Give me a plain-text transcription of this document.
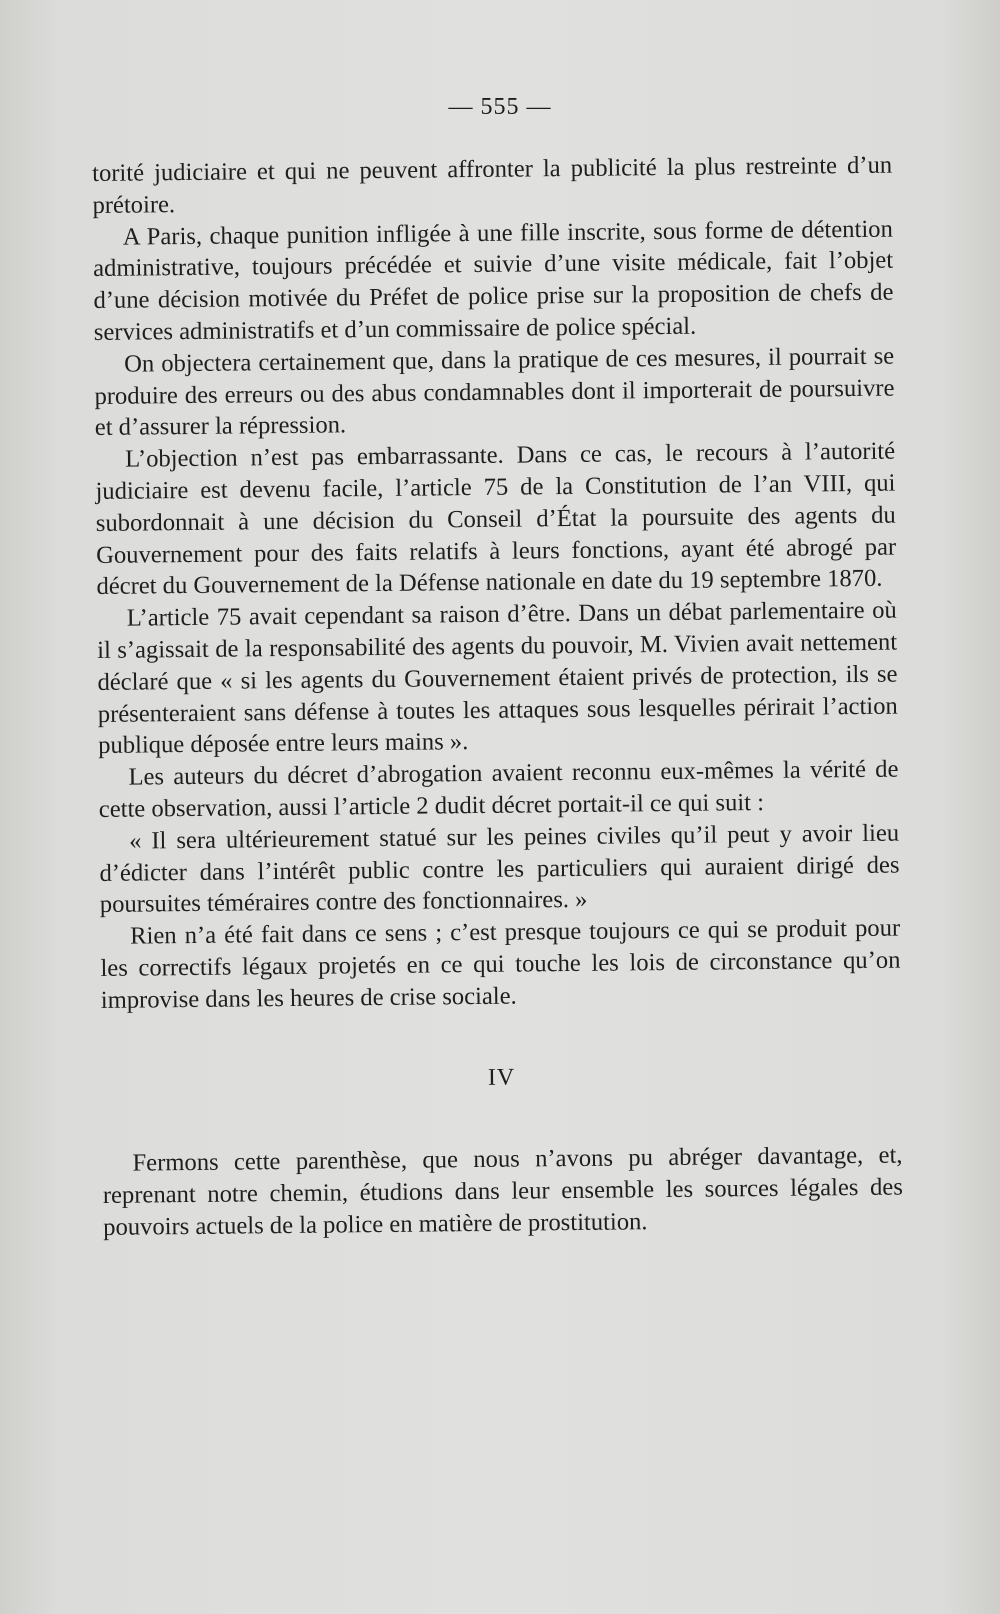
— 555 —

torité judiciaire et qui ne peuvent affronter la publicité la plus restreinte d’un prétoire.

A Paris, chaque punition infligée à une fille inscrite, sous forme de détention administrative, toujours précédée et suivie d’une visite médicale, fait l’objet d’une décision motivée du Préfet de police prise sur la proposition de chefs de services administratifs et d’un commissaire de police spécial.

On objectera certainement que, dans la pratique de ces mesures, il pourrait se produire des erreurs ou des abus condamnables dont il importerait de poursuivre et d’assurer la répression.

L’objection n’est pas embarrassante. Dans ce cas, le recours à l’autorité judiciaire est devenu facile, l’article 75 de la Constitution de l’an VIII, qui subordonnait à une décision du Conseil d’État la poursuite des agents du Gouvernement pour des faits relatifs à leurs fonctions, ayant été abrogé par décret du Gouvernement de la Défense nationale en date du 19 septembre 1870.

L’article 75 avait cependant sa raison d’être. Dans un débat parlementaire où il s’agissait de la responsabilité des agents du pouvoir, M. Vivien avait nettement déclaré que « si les agents du Gouvernement étaient privés de protection, ils se présenteraient sans défense à toutes les attaques sous lesquelles périrait l’action publique déposée entre leurs mains ».

Les auteurs du décret d’abrogation avaient reconnu eux-mêmes la vérité de cette observation, aussi l’article 2 dudit décret portait-il ce qui suit :

« Il sera ultérieurement statué sur les peines civiles qu’il peut y avoir lieu d’édicter dans l’intérêt public contre les particuliers qui auraient dirigé des poursuites téméraires contre des fonctionnaires. »

Rien n’a été fait dans ce sens ; c’est presque toujours ce qui se produit pour les correctifs légaux projetés en ce qui touche les lois de circonstance qu’on improvise dans les heures de crise sociale.

IV

Fermons cette parenthèse, que nous n’avons pu abréger davantage, et, reprenant notre chemin, étudions dans leur ensemble les sources légales des pouvoirs actuels de la police en matière de prostitution.
